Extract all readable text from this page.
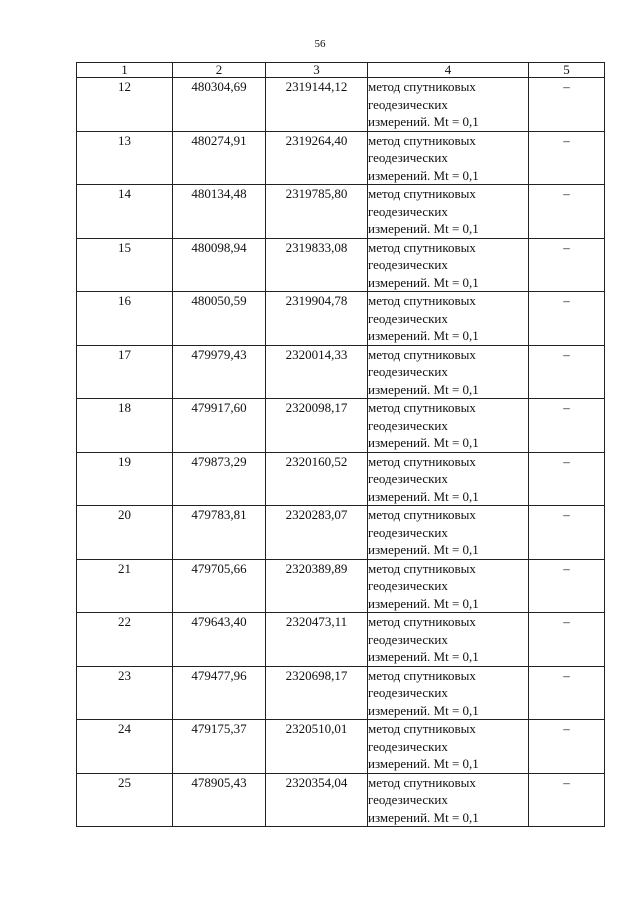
56
1	2	3	4	5
12	480304,69	2319144,12	метод спутниковых
геодезических
измерений. Mt = 0,1	–
13	480274,91	2319264,40	метод спутниковых
геодезических
измерений. Mt = 0,1	–
14	480134,48	2319785,80	метод спутниковых
геодезических
измерений. Mt = 0,1	–
15	480098,94	2319833,08	метод спутниковых
геодезических
измерений. Mt = 0,1	–
16	480050,59	2319904,78	метод спутниковых
геодезических
измерений. Mt = 0,1	–
17	479979,43	2320014,33	метод спутниковых
геодезических
измерений. Mt = 0,1	–
18	479917,60	2320098,17	метод спутниковых
геодезических
измерений. Mt = 0,1	–
19	479873,29	2320160,52	метод спутниковых
геодезических
измерений. Mt = 0,1	–
20	479783,81	2320283,07	метод спутниковых
геодезических
измерений. Mt = 0,1	–
21	479705,66	2320389,89	метод спутниковых
геодезических
измерений. Mt = 0,1	–
22	479643,40	2320473,11	метод спутниковых
геодезических
измерений. Mt = 0,1	–
23	479477,96	2320698,17	метод спутниковых
геодезических
измерений. Mt = 0,1	–
24	479175,37	2320510,01	метод спутниковых
геодезических
измерений. Mt = 0,1	–
25	478905,43	2320354,04	метод спутниковых
геодезических
измерений. Mt = 0,1	–
